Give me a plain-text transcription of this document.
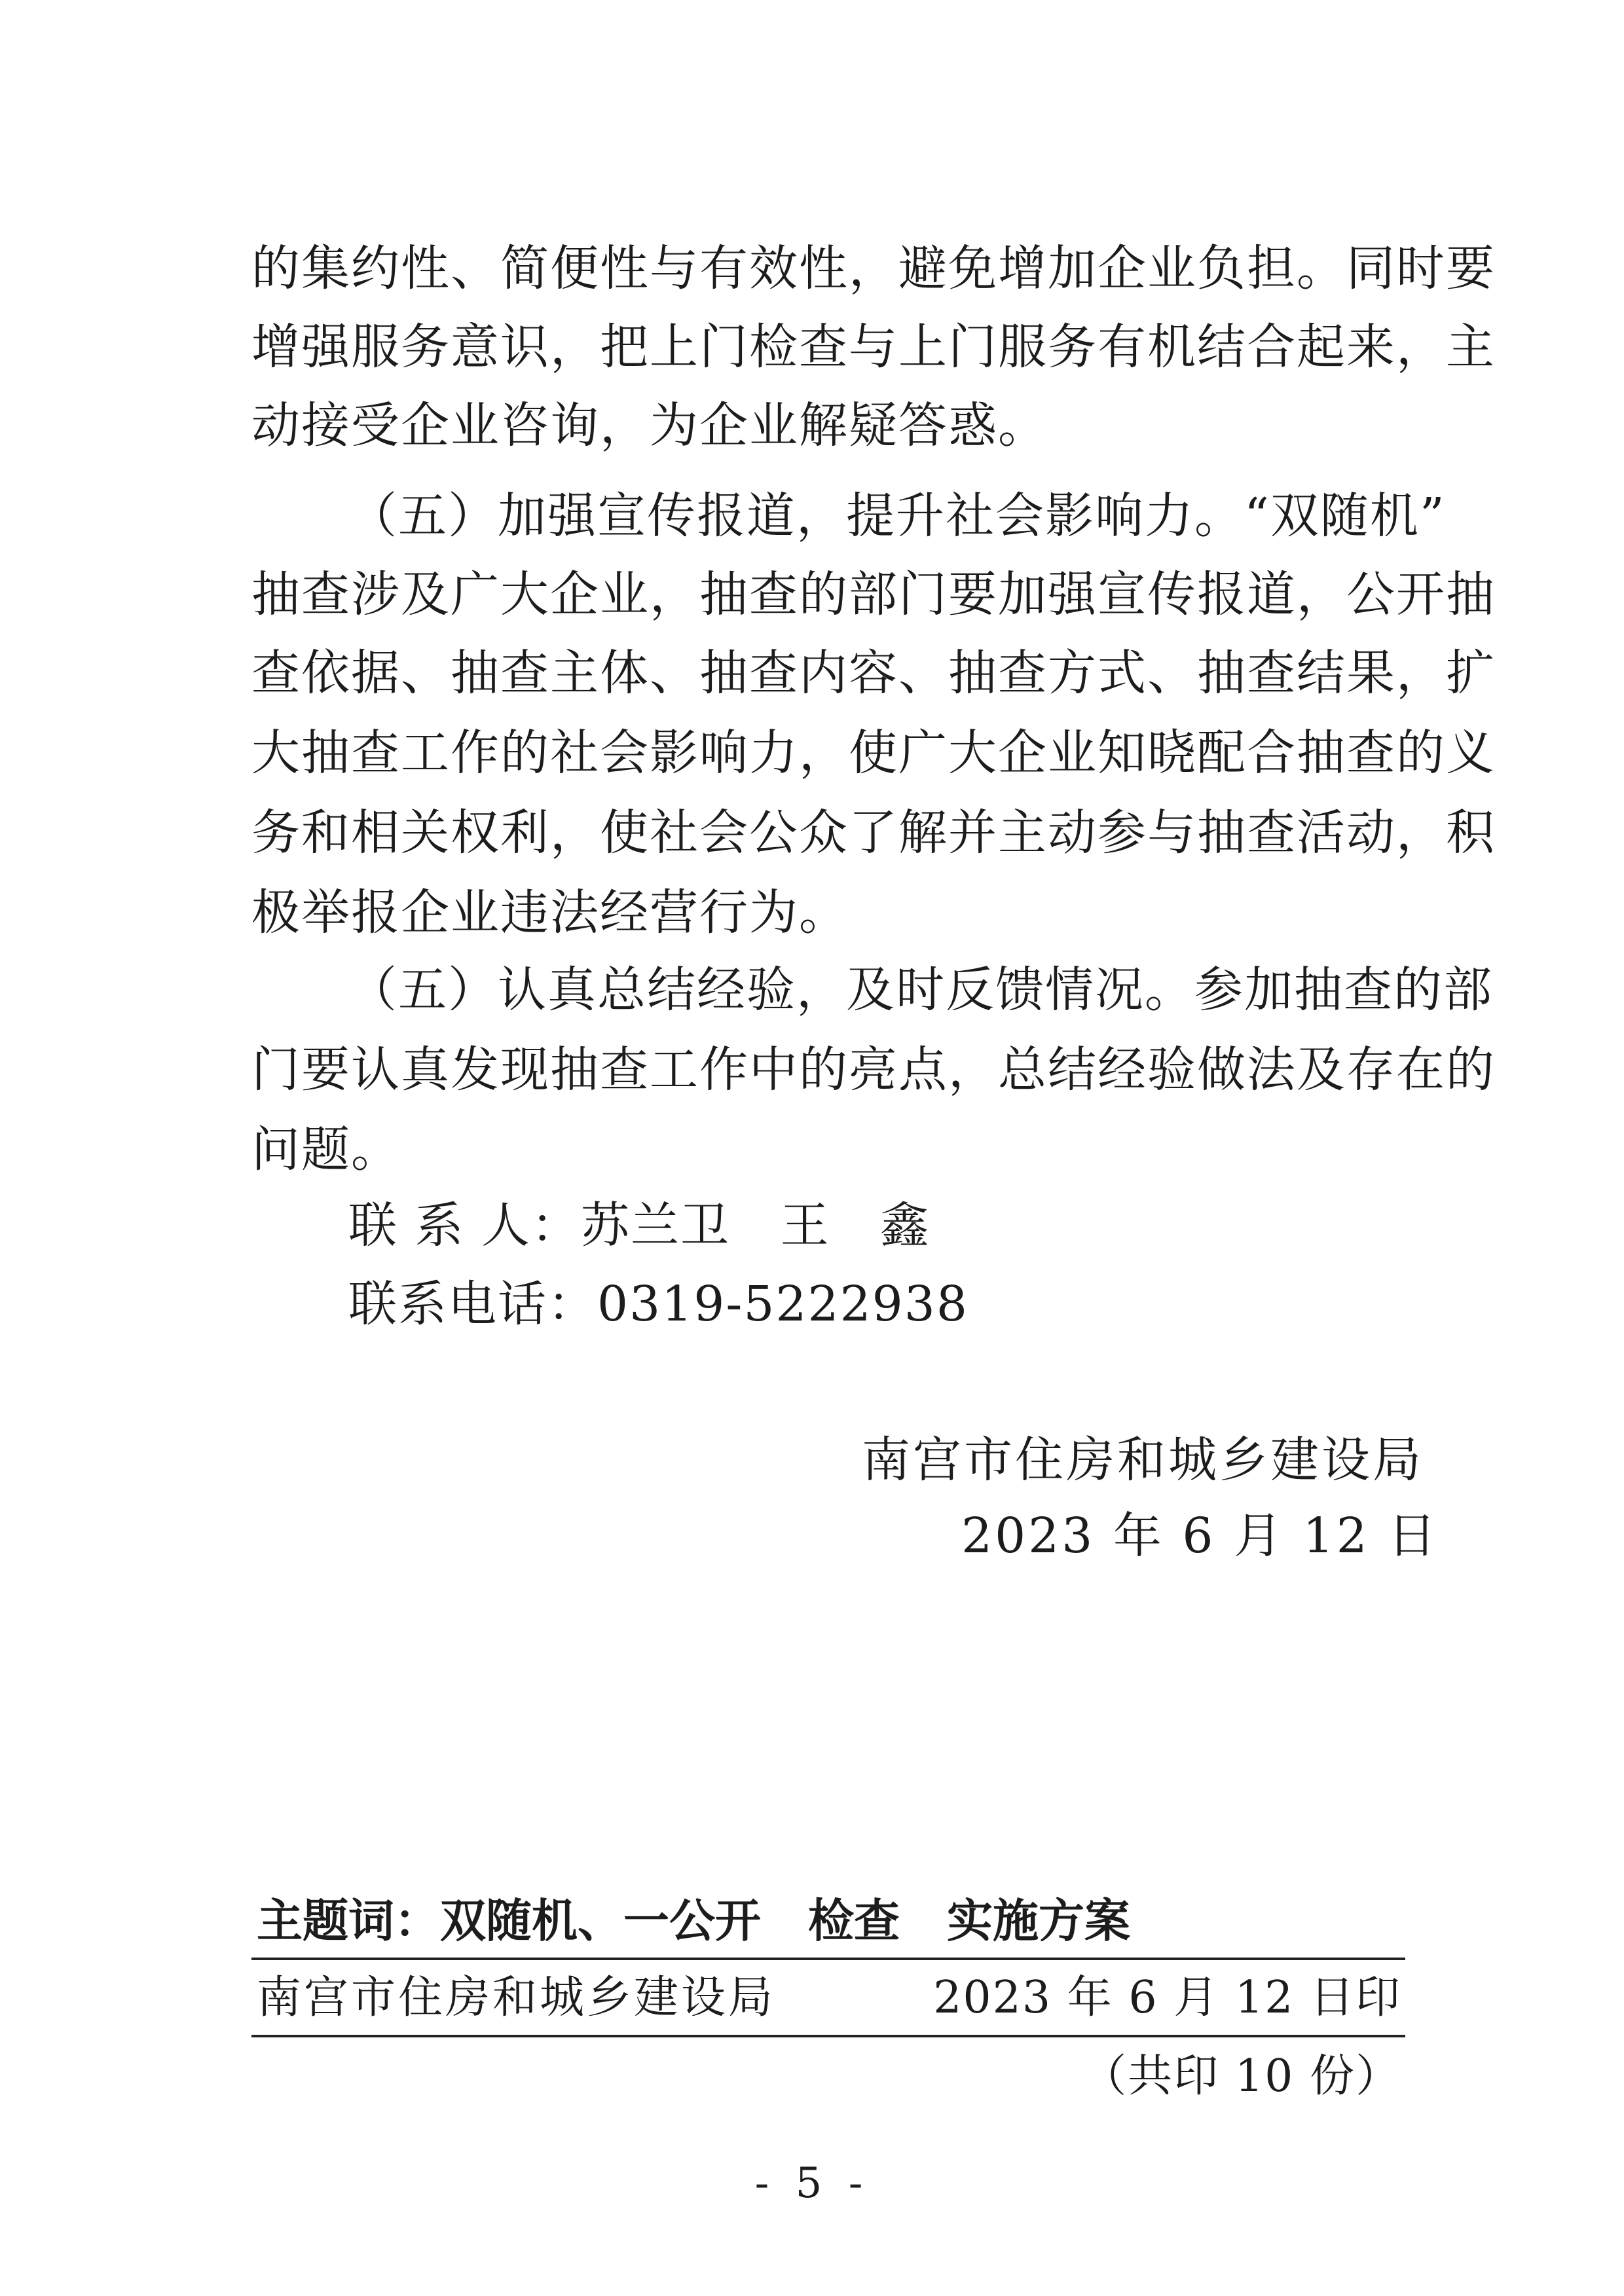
的集约性、简便性与有效性，避免增加企业负担。同时要
增强服务意识，把上门检查与上门服务有机结合起来，主
动接受企业咨询，为企业解疑答惑。
（五）加强宣传报道，提升社会影响力。“双随机”
抽查涉及广大企业，抽查的部门要加强宣传报道，公开抽
查依据、抽查主体、抽查内容、抽查方式、抽查结果，扩
大抽查工作的社会影响力，使广大企业知晓配合抽查的义
务和相关权利，使社会公众了解并主动参与抽查活动，积
极举报企业违法经营行为。
（五）认真总结经验，及时反馈情况。参加抽查的部
门要认真发现抽查工作中的亮点，总结经验做法及存在的
问题。
联 系 人：苏兰卫   王   鑫
联系电话：0319-5222938
南宫市住房和城乡建设局
2023 年 6 月 12 日
主题词：双随机、一公开 检查 实施方案
南宫市住房和城乡建设局	2023 年 6 月 12 日印
（共印 10 份）
- 5 -
